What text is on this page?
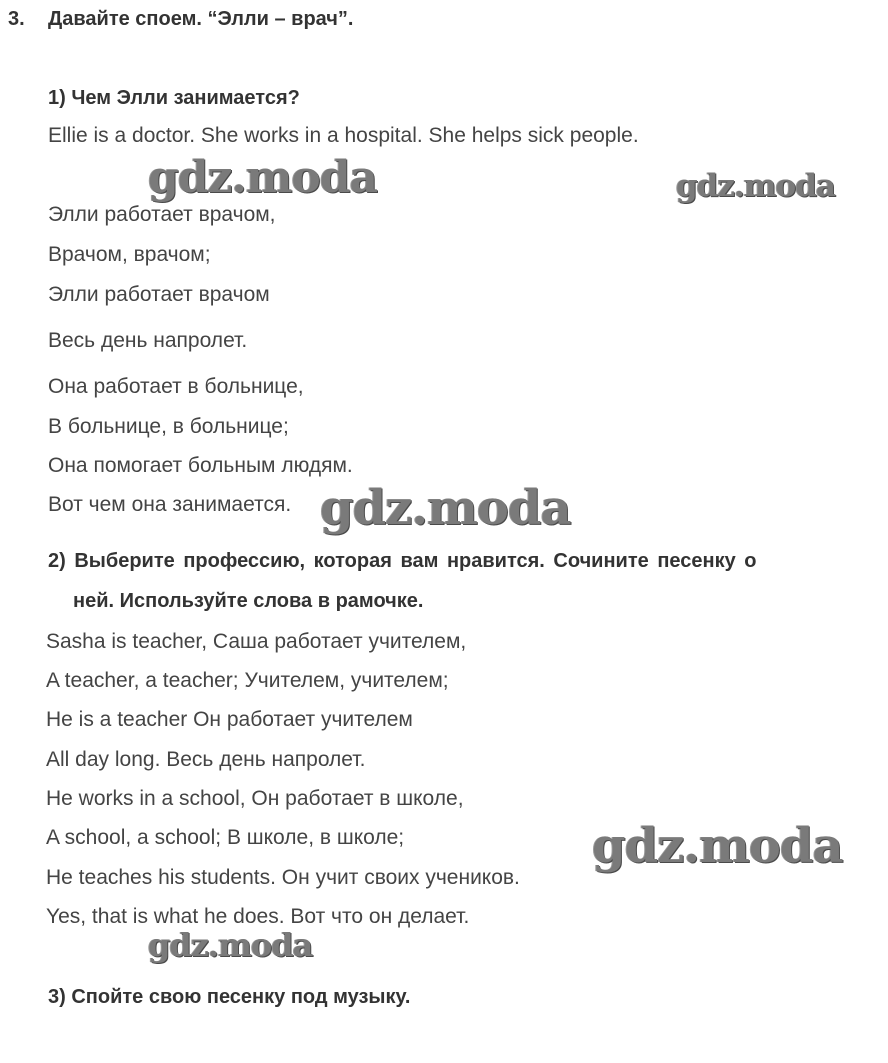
3. Давайте споем. “Элли – врач”.
1) Чем Элли занимается?
Ellie is a doctor. She works in a hospital. She helps sick people.
Элли работает врачом,
Врачом, врачом;
Элли работает врачом
Весь день напролет.
Она работает в больнице,
В больнице, в больнице;
Она помогает больным людям.
Вот чем она занимается.
2) Выберите профессию, которая вам нравится. Сочините песенку о
ней. Используйте слова в рамочке.
Sasha is teacher, Саша работает учителем,
A teacher, a teacher; Учителем, учителем;
He is a teacher Он работает учителем
All day long. Весь день напролет.
He works in a school, Он работает в школе,
A school, a school; В школе, в школе;
He teaches his students. Он учит своих учеников.
Yes, that is what he does. Вот что он делает.
3) Спойте свою песенку под музыку.
gdz.moda	gdz.moda
gdz.moda
gdz.moda
gdz.moda
